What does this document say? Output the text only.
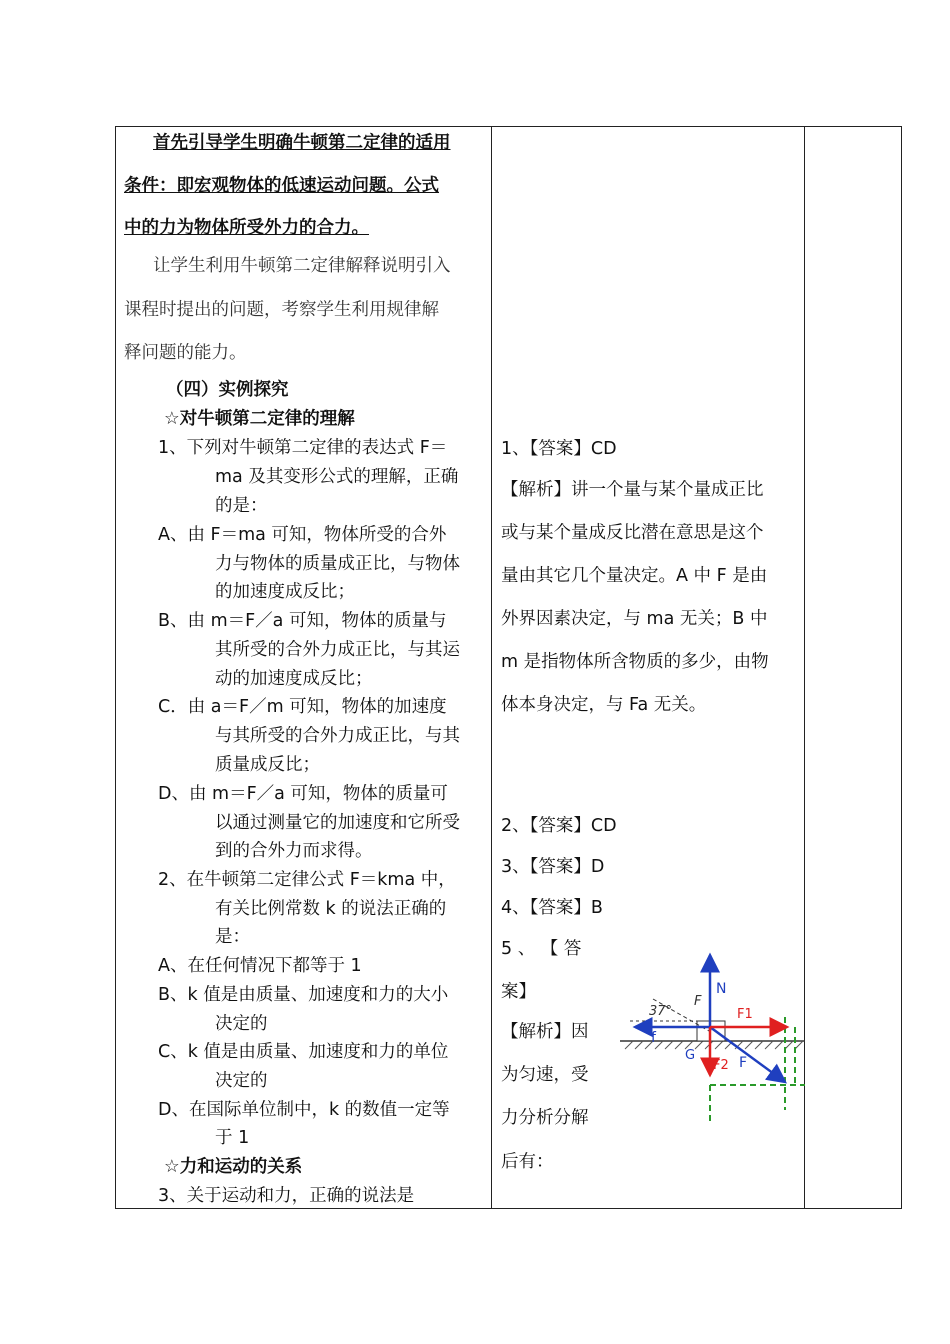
首先引导学生明确牛顿第二定律的适用
条件：即宏观物体的低速运动问题。公式
中的力为物体所受外力的合力。
让学生利用牛顿第二定律解释说明引入
课程时提出的问题，考察学生利用规律解
释问题的能力。
（四）实例探究
☆对牛顿第二定律的理解
1、下列对牛顿第二定律的表达式 F＝
ma 及其变形公式的理解，正确
的是：
A、由 F＝ma 可知，物体所受的合外
力与物体的质量成正比，与物体
的加速度成反比；
B、由 m＝F／a 可知，物体的质量与
其所受的合外力成正比，与其运
动的加速度成反比；
C．由 a＝F／m 可知，物体的加速度
与其所受的合外力成正比，与其
质量成反比；
D、由 m＝F／a 可知，物体的质量可
以通过测量它的加速度和它所受
到的合外力而求得。
2、在牛顿第二定律公式 F＝kma 中，
有关比例常数 k 的说法正确的
是：
A、在任何情况下都等于 1
B、k 值是由质量、加速度和力的大小
决定的
C、k 值是由质量、加速度和力的单位
决定的
D、在国际单位制中，k 的数值一定等
于 1
☆力和运动的关系
3、关于运动和力，正确的说法是
1、【答案】CD
【解析】讲一个量与某个量成正比
或与某个量成反比潜在意思是这个
量由其它几个量决定。A 中 F 是由
外界因素决定，与 ma 无关；B 中
m 是指物体所含物质的多少，由物
体本身决定，与 Fa 无关。
2、【答案】CD
3、【答案】D
4、【答案】B
5 、 【 答
案】
【解析】因
为匀速，受
力分析分解
后有：
37°
F
N
f
G	F
F1
F2
